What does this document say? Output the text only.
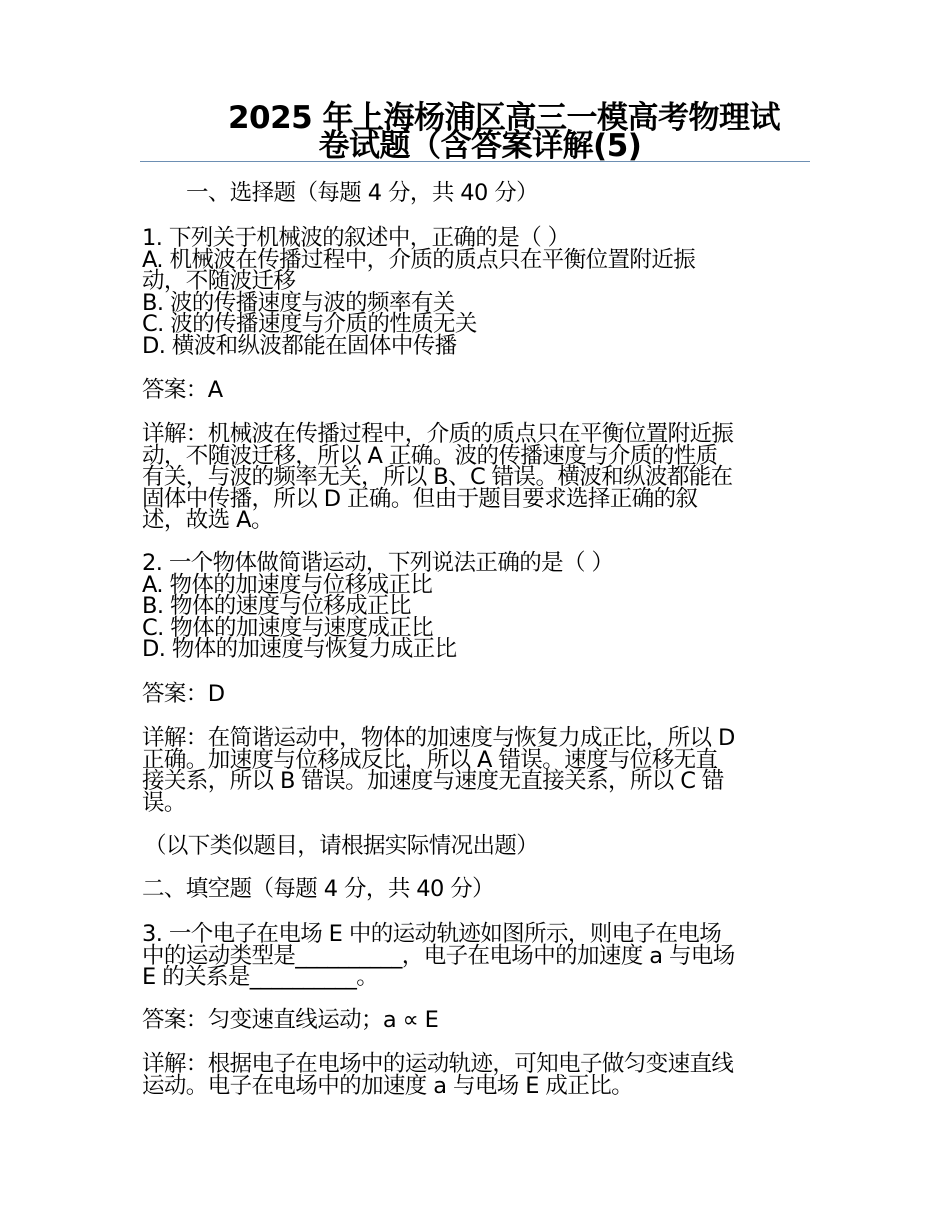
2025 年上海杨浦区高三一模高考物理试
卷试题（含答案详解(5)

一、选择题（每题 4 分，共 40 分）

1. 下列关于机械波的叙述中，正确的是（ ）
A. 机械波在传播过程中，介质的质点只在平衡位置附近振
动，不随波迁移
B. 波的传播速度与波的频率有关
C. 波的传播速度与介质的性质无关
D. 横波和纵波都能在固体中传播

答案：A

详解：机械波在传播过程中，介质的质点只在平衡位置附近振
动，不随波迁移，所以 A 正确。波的传播速度与介质的性质
有关，与波的频率无关，所以 B、C 错误。横波和纵波都能在
固体中传播，所以 D 正确。但由于题目要求选择正确的叙
述，故选 A。
2. 一个物体做简谐运动，下列说法正确的是（ ）
A. 物体的加速度与位移成正比
B. 物体的速度与位移成正比
C. 物体的加速度与速度成正比
D. 物体的加速度与恢复力成正比

答案：D

详解：在简谐运动中，物体的加速度与恢复力成正比，所以 D
正确。加速度与位移成反比，所以 A 错误。速度与位移无直
接关系，所以 B 错误。加速度与速度无直接关系，所以 C 错
误。

（以下类似题目，请根据实际情况出题）

二、填空题（每题 4 分，共 40 分）

3. 一个电子在电场 E 中的运动轨迹如图所示，则电子在电场
中的运动类型是__________，电子在电场中的加速度 a 与电场
E 的关系是__________。

答案：匀变速直线运动；a ∝ E

详解：根据电子在电场中的运动轨迹，可知电子做匀变速直线
运动。电子在电场中的加速度 a 与电场 E 成正比。
